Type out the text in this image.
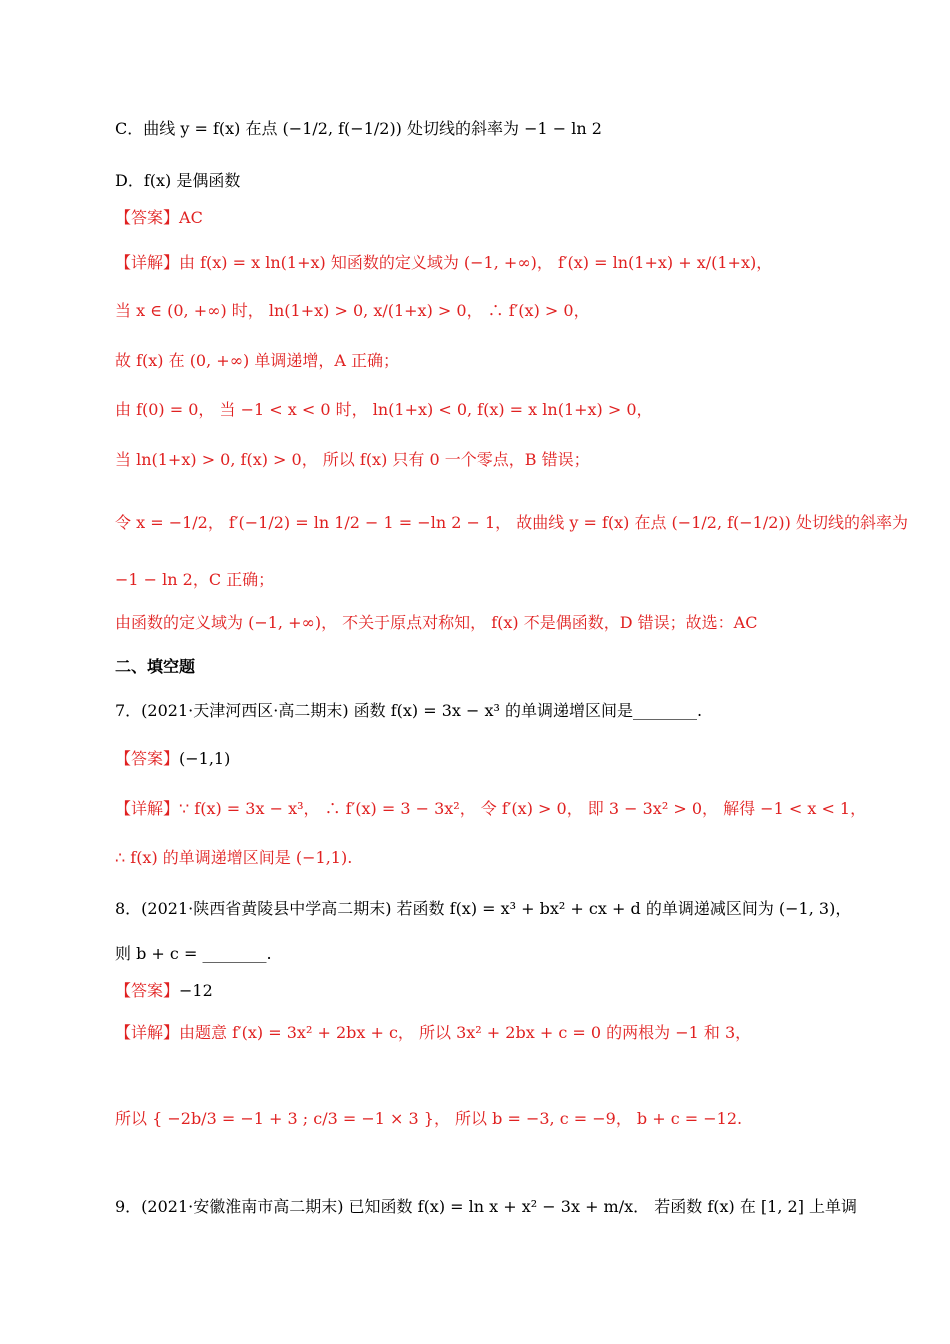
C．曲线 y = f(x) 在点 (−1/2, f(−1/2)) 处切线的斜率为 −1 − ln 2
D．f(x) 是偶函数
【答案】AC
【详解】由 f(x) = x ln(1+x) 知函数的定义域为 (−1, +∞)， f′(x) = ln(1+x) + x/(1+x)，
当 x ∈ (0, +∞) 时， ln(1+x) > 0, x/(1+x) > 0， ∴ f′(x) > 0，
故 f(x) 在 (0, +∞) 单调递增，A 正确；
由 f(0) = 0， 当 −1 < x < 0 时， ln(1+x) < 0, f(x) = x ln(1+x) > 0，
当 ln(1+x) > 0, f(x) > 0， 所以 f(x) 只有 0 一个零点，B 错误；
令 x = −1/2， f′(−1/2) = ln 1/2 − 1 = −ln 2 − 1， 故曲线 y = f(x) 在点 (−1/2, f(−1/2)) 处切线的斜率为
−1 − ln 2，C 正确；
由函数的定义域为 (−1, +∞)， 不关于原点对称知， f(x) 不是偶函数，D 错误；故选：AC
二、填空题
7．(2021·天津河西区·高二期末) 函数 f(x) = 3x − x³ 的单调递增区间是________.
【答案】(−1,1)
【详解】∵ f(x) = 3x − x³， ∴ f′(x) = 3 − 3x²， 令 f′(x) > 0， 即 3 − 3x² > 0， 解得 −1 < x < 1，
∴ f(x) 的单调递增区间是 (−1,1).
8．(2021·陕西省黄陵县中学高二期末) 若函数 f(x) = x³ + bx² + cx + d 的单调递减区间为 (−1, 3)，
则 b + c = ________.
【答案】−12
【详解】由题意 f′(x) = 3x² + 2bx + c， 所以 3x² + 2bx + c = 0 的两根为 −1 和 3，
所以 { −2b/3 = −1 + 3 ; c/3 = −1 × 3 }， 所以 b = −3, c = −9， b + c = −12.
9．(2021·安徽淮南市高二期末) 已知函数 f(x) = ln x + x² − 3x + m/x． 若函数 f(x) 在 [1, 2] 上单调
